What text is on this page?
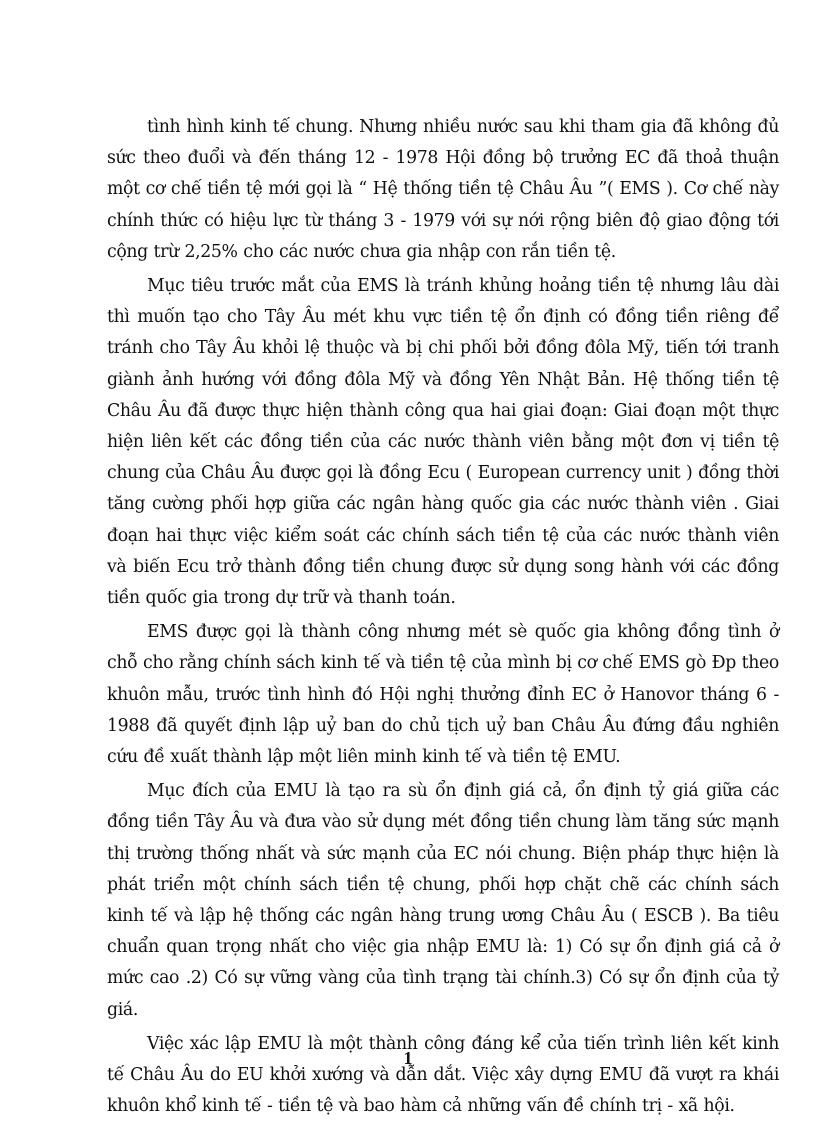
tình hình kinh tế chung. Nhưng nhiều nước sau khi tham gia đã không đủ sức theo đuổi và đến tháng 12 - 1978 Hội đồng bộ trưởng EC đã thoả thuận một cơ chế tiền tệ mới gọi là “ Hệ thống tiền tệ Châu Âu ”( EMS ). Cơ chế này chính thức có hiệu lực từ tháng 3 - 1979 với sự nới rộng biên độ giao động tới cộng trừ 2,25% cho các nước chưa gia nhập con rắn tiền tệ.

Mục tiêu trước mắt của EMS là tránh khủng hoảng tiền tệ nhưng lâu dài thì muốn tạo cho Tây Âu mét khu vực tiền tệ ổn định có đồng tiền riêng để tránh cho Tây Âu khỏi lệ thuộc và bị chi phối bởi đồng đôla Mỹ, tiến tới tranh giành ảnh hướng với đồng đôla Mỹ và đồng Yên Nhật Bản. Hệ thống tiền tệ Châu Âu đã được thực hiện thành công qua hai giai đoạn: Giai đoạn một thực hiện liên kết các đồng tiền của các nước thành viên bằng một đơn vị tiền tệ chung của Châu Âu được gọi là đồng Ecu ( European currency unit ) đồng thời tăng cường phối hợp giữa các ngân hàng quốc gia các nước thành viên . Giai đoạn hai thực việc kiểm soát các chính sách tiền tệ của các nước thành viên và biến Ecu trở thành đồng tiền chung được sử dụng song hành với các đồng tiền quốc gia trong dự trữ và thanh toán.

EMS được gọi là thành công nhưng mét sè quốc gia không đồng tình ở chỗ cho rằng chính sách kinh tế và tiền tệ của mình bị cơ chế EMS gò Đp theo khuôn mẫu, trước tình hình đó Hội nghị thưởng đỉnh EC ở Hanovor tháng 6 - 1988 đã quyết định lập uỷ ban do chủ tịch uỷ ban Châu Âu đứng đầu nghiên cứu đề xuất thành lập một liên minh kinh tế và tiền tệ EMU.

Mục đích của EMU là tạo ra sù ổn định giá cả, ổn định tỷ giá giữa các đồng tiền Tây Âu và đưa vào sử dụng mét đồng tiền chung làm tăng sức mạnh thị trường thống nhất và sức mạnh của EC nói chung. Biện pháp thực hiện là phát triển một chính sách tiền tệ chung, phối hợp chặt chẽ các chính sách kinh tế và lập hệ thống các ngân hàng trung ương Châu Âu ( ESCB ). Ba tiêu chuẩn quan trọng nhất cho việc gia nhập EMU là: 1) Có sự ổn định giá cả ở mức cao .2) Có sự vững vàng của tình trạng tài chính.3) Có sự ổn định của tỷ giá.

Việc xác lập EMU là một thành công đáng kể của tiến trình liên kết kinh tế Châu Âu do EU khởi xướng và dẫn dắt. Việc xây dựng EMU đã vượt ra khái khuôn khổ kinh tế - tiền tệ và bao hàm cả những vấn đề chính trị - xã hội.

1
